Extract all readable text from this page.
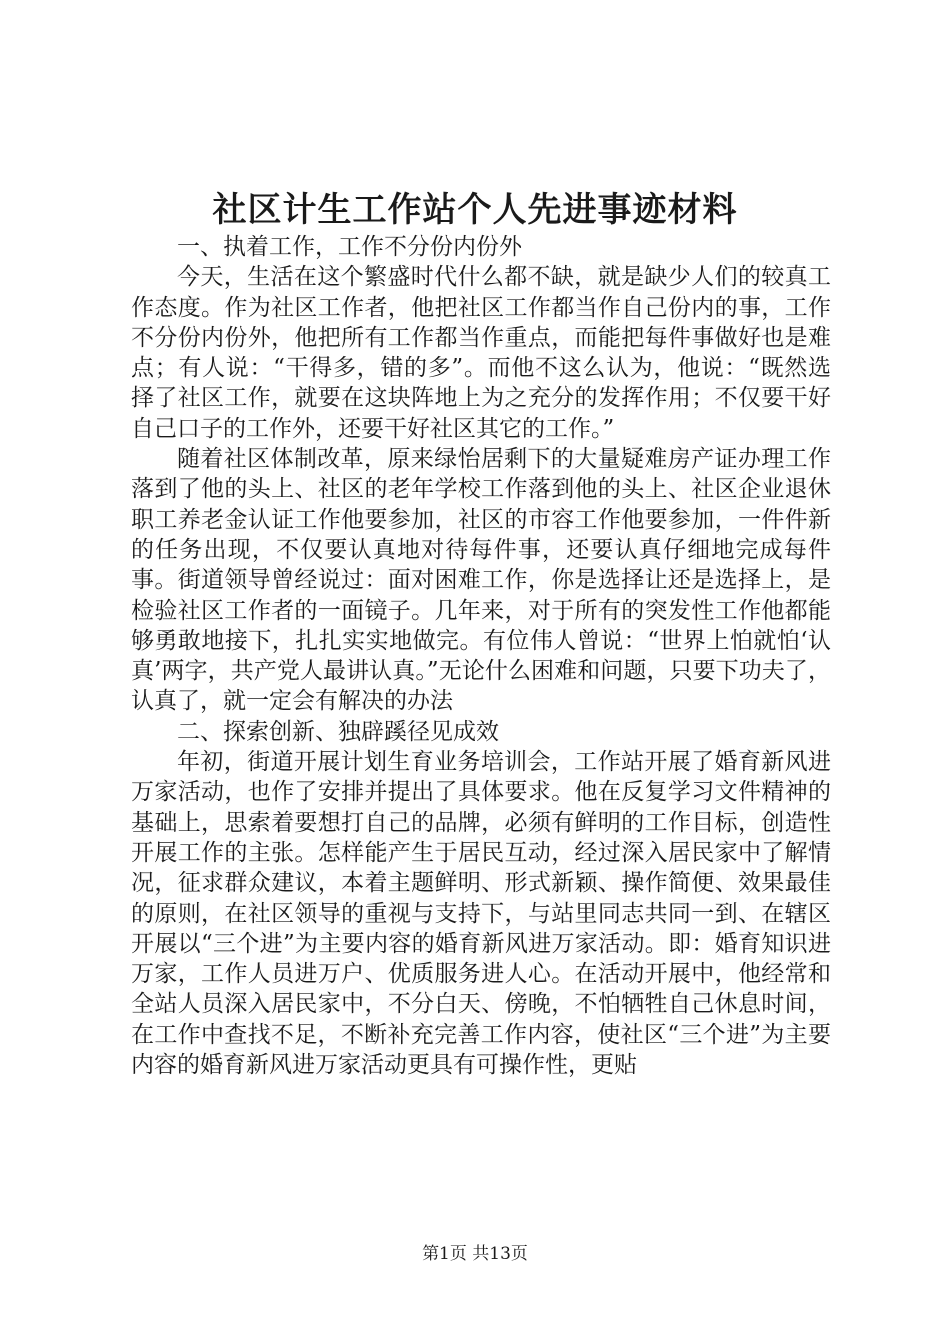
社区计生工作站个人先进事迹材料

一、执着工作，工作不分份内份外

今天，生活在这个繁盛时代什么都不缺，就是缺少人们的较真工作态度。作为社区工作者，他把社区工作都当作自己份内的事，工作不分份内份外，他把所有工作都当作重点，而能把每件事做好也是难点；有人说：“干得多，错的多”。而他不这么认为，他说：“既然选择了社区工作，就要在这块阵地上为之充分的发挥作用；不仅要干好自己口子的工作外，还要干好社区其它的工作。”

随着社区体制改革，原来绿怡居剩下的大量疑难房产证办理工作落到了他的头上、社区的老年学校工作落到他的头上、社区企业退休职工养老金认证工作他要参加，社区的市容工作他要参加，一件件新的任务出现，不仅要认真地对待每件事，还要认真仔细地完成每件事。街道领导曾经说过：面对困难工作，你是选择让还是选择上，是检验社区工作者的一面镜子。几年来，对于所有的突发性工作他都能够勇敢地接下，扎扎实实地做完。有位伟人曾说：“世界上怕就怕‘认真’两字，共产党人最讲认真。”无论什么困难和问题，只要下功夫了，认真了，就一定会有解决的办法

二、探索创新、独辟蹊径见成效

年初，街道开展计划生育业务培训会，工作站开展了婚育新风进万家活动，也作了安排并提出了具体要求。他在反复学习文件精神的基础上，思索着要想打自己的品牌，必须有鲜明的工作目标，创造性开展工作的主张。怎样能产生于居民互动，经过深入居民家中了解情况，征求群众建议，本着主题鲜明、形式新颖、操作简便、效果最佳的原则，在社区领导的重视与支持下，与站里同志共同一到、在辖区开展以“三个进”为主要内容的婚育新风进万家活动。即：婚育知识进万家，工作人员进万户、优质服务进人心。在活动开展中，他经常和全站人员深入居民家中，不分白天、傍晚，不怕牺牲自己休息时间，在工作中查找不足，不断补充完善工作内容，使社区“三个进”为主要内容的婚育新风进万家活动更具有可操作性，更贴

第1页 共13页
